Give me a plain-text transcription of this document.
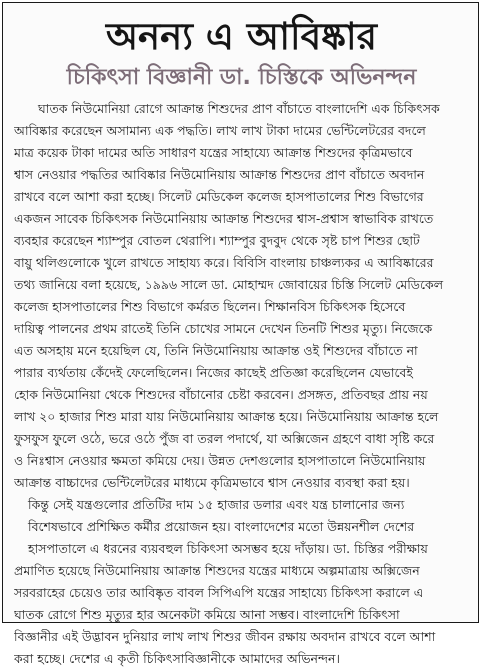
অনন্য এ আবিষ্কার
চিকিৎসা বিজ্ঞানী ডা. চিস্তিকে অভিনন্দন
ঘাতক নিউমোনিয়া রোগে আক্রান্ত শিশুদের প্রাণ বাঁচাতে বাংলাদেশি এক চিকিৎসক
আবিষ্কার করেছেন অসামান্য এক পদ্ধতি। লাখ লাখ টাকা দামের ভেন্টিলেটরের বদলে
মাত্র কয়েক টাকা দামের অতি সাধারণ যন্ত্রের সাহায্যে আক্রান্ত শিশুদের কৃত্রিমভাবে
শ্বাস নেওয়ার পদ্ধতির আবিষ্কার নিউমোনিয়ায় আক্রান্ত শিশুদের প্রাণ বাঁচাতে অবদান
রাখবে বলে আশা করা হচ্ছে। সিলেট মেডিকেল কলেজ হাসপাতালের শিশু বিভাগের
একজন সাবেক চিকিৎসক নিউমোনিয়ায় আক্রান্ত শিশুদের শ্বাস-প্রশ্বাস স্বাভাবিক রাখতে
ব্যবহার করেছেন শ্যাম্পুর বোতল থেরাপি। শ্যাম্পুর বুদবুদ থেকে সৃষ্ট চাপ শিশুর ছোট
বায়ু থলিগুলোকে খুলে রাখতে সাহায্য করে। বিবিসি বাংলায় চাঞ্চল্যকর এ আবিষ্কারের
তথ্য জানিয়ে বলা হয়েছে, ১৯৯৬ সালে ডা. মোহাম্মদ জোবায়ের চিস্তি সিলেট মেডিকেল
কলেজ হাসপাতালের শিশু বিভাগে কর্মরত ছিলেন। শিক্ষানবিস চিকিৎসক হিসেবে
দায়িত্ব পালনের প্রথম রাতেই তিনি চোখের সামনে দেখেন তিনটি শিশুর মৃত্যু। নিজেকে
এত অসহায় মনে হয়েছিল যে, তিনি নিউমোনিয়ায় আক্রান্ত ওই শিশুদের বাঁচাতে না
পারার ব্যর্থতায় কেঁদেই ফেলেছিলেন। নিজের কাছেই প্রতিজ্ঞা করেছিলেন যেভাবেই
হোক নিউমোনিয়া থেকে শিশুদের বাঁচানোর চেষ্টা করবেন। প্রসঙ্গত, প্রতিবছর প্রায় নয়
লাখ ২০ হাজার শিশু মারা যায় নিউমোনিয়ায় আক্রান্ত হয়ে। নিউমোনিয়ায় আক্রান্ত হলে
ফুসফুস ফুলে ওঠে, ভরে ওঠে পুঁজ বা তরল পদার্থে, যা অক্সিজেন গ্রহণে বাধা সৃষ্টি করে
ও নিঃশ্বাস নেওয়ার ক্ষমতা কমিয়ে দেয়। উন্নত দেশগুলোর হাসপাতালে নিউমোনিয়ায়
আক্রান্ত বাচ্চাদের ভেন্টিলেটরের মাধ্যমে কৃত্রিমভাবে শ্বাস নেওয়ার ব্যবস্থা করা হয়।
কিন্তু সেই যন্ত্রগুলোর প্রতিটির দাম ১৫ হাজার ডলার এবং যন্ত্র চালানোর জন্য
বিশেষভাবে প্রশিক্ষিত কর্মীর প্রয়োজন হয়। বাংলাদেশের মতো উন্নয়নশীল দেশের
হাসপাতালে এ ধরনের ব্যয়বহুল চিকিৎসা অসম্ভব হয়ে দাঁড়ায়। ডা. চিস্তির পরীক্ষায়
প্রমাণিত হয়েছে নিউমোনিয়ায় আক্রান্ত শিশুদের যন্ত্রের মাধ্যমে অল্পমাত্রায় অক্সিজেন
সরবরাহের চেয়েও তার আবিষ্কৃত বাবল সিপিএপি যন্ত্রের সাহায্যে চিকিৎসা করালে এ
ঘাতক রোগে শিশু মৃত্যুর হার অনেকটা কমিয়ে আনা সম্ভব। বাংলাদেশি চিকিৎসা
বিজ্ঞানীর এই উদ্ভাবন দুনিয়ার লাখ লাখ শিশুর জীবন রক্ষায় অবদান রাখবে বলে আশা
করা হচ্ছে। দেশের এ কৃতী চিকিৎসাবিজ্ঞানীকে আমাদের অভিনন্দন।
